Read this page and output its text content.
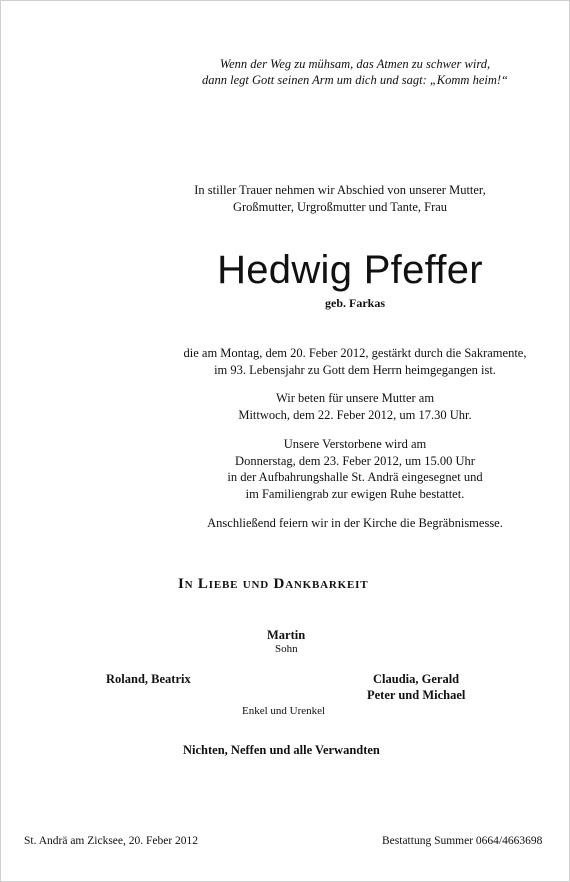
Wenn der Weg zu mühsam, das Atmen zu schwer wird,
dann legt Gott seinen Arm um dich und sagt: „Komm heim!“
In stiller Trauer nehmen wir Abschied von unserer Mutter,
Großmutter, Urgroßmutter und Tante, Frau
Hedwig Pfeffer
geb. Farkas
die am Montag, dem 20. Feber 2012, gestärkt durch die Sakramente,
im 93. Lebensjahr zu Gott dem Herrn heimgegangen ist.
Wir beten für unsere Mutter am
Mittwoch, dem 22. Feber 2012, um 17.30 Uhr.
Unsere Verstorbene wird am
Donnerstag, dem 23. Feber 2012, um 15.00 Uhr
in der Aufbahrungshalle St. Andrä eingesegnet und
im Familiengrab zur ewigen Ruhe bestattet.
Anschließend feiern wir in der Kirche die Begräbnismesse.
In Liebe und Dankbarkeit
Martin
Sohn
Roland, Beatrix	Claudia, Gerald
Peter und Michael
Enkel und Urenkel
Nichten, Neffen und alle Verwandten
St. Andrä am Zicksee, 20. Feber 2012	Bestattung Summer 0664/4663698
